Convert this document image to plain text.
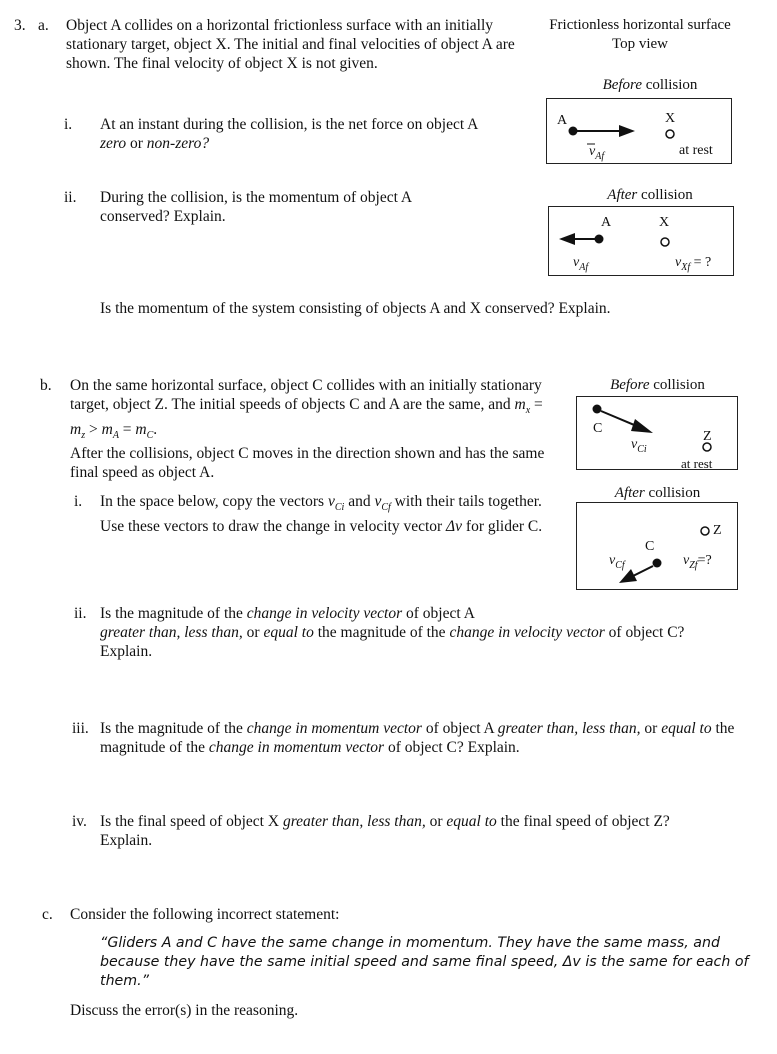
3. a. Object A collides on a horizontal frictionless surface with an initially stationary target, object X. The initial and final velocities of object A are shown. The final velocity of object X is not given.
i. At an instant during the collision, is the net force on object A zero or non-zero?
ii. During the collision, is the momentum of object A conserved? Explain.
Is the momentum of the system consisting of objects A and X conserved? Explain.
Frictionless horizontal surface
Top view
Before collision
A	X
at rest
$v_{Af}$
After collision
A	X
$v_{Af}$	$v_{Xf}$ = ?
b. On the same horizontal surface, object C collides with an initially stationary target, object Z. The initial speeds of objects C and A are the same, and $m_x = m_z > m_A = m_C$.
After the collisions, object C moves in the direction shown and has the same final speed as object A.
i. In the space below, copy the vectors $v_{Ci}$ and $v_{Cf}$ with their tails together. Use these vectors to draw the change in velocity vector Δv for glider C.
Before collision
C
Z
at rest
$v_{Ci}$
After collision
C
Z
$v_{Cf}$	$v_{Zf}=$?
ii. Is the magnitude of the change in velocity vector of object A
greater than, less than, or equal to the magnitude of the change in velocity vector of object C? Explain.
iii. Is the magnitude of the change in momentum vector of object A greater than, less than, or equal to the magnitude of the change in momentum vector of object C? Explain.
iv. Is the final speed of object X greater than, less than, or equal to the final speed of object Z? Explain.
c. Consider the following incorrect statement:
“Gliders A and C have the same change in momentum. They have the same mass, and because they have the same initial speed and same final speed, Δv is the same for each of them.”
Discuss the error(s) in the reasoning.
